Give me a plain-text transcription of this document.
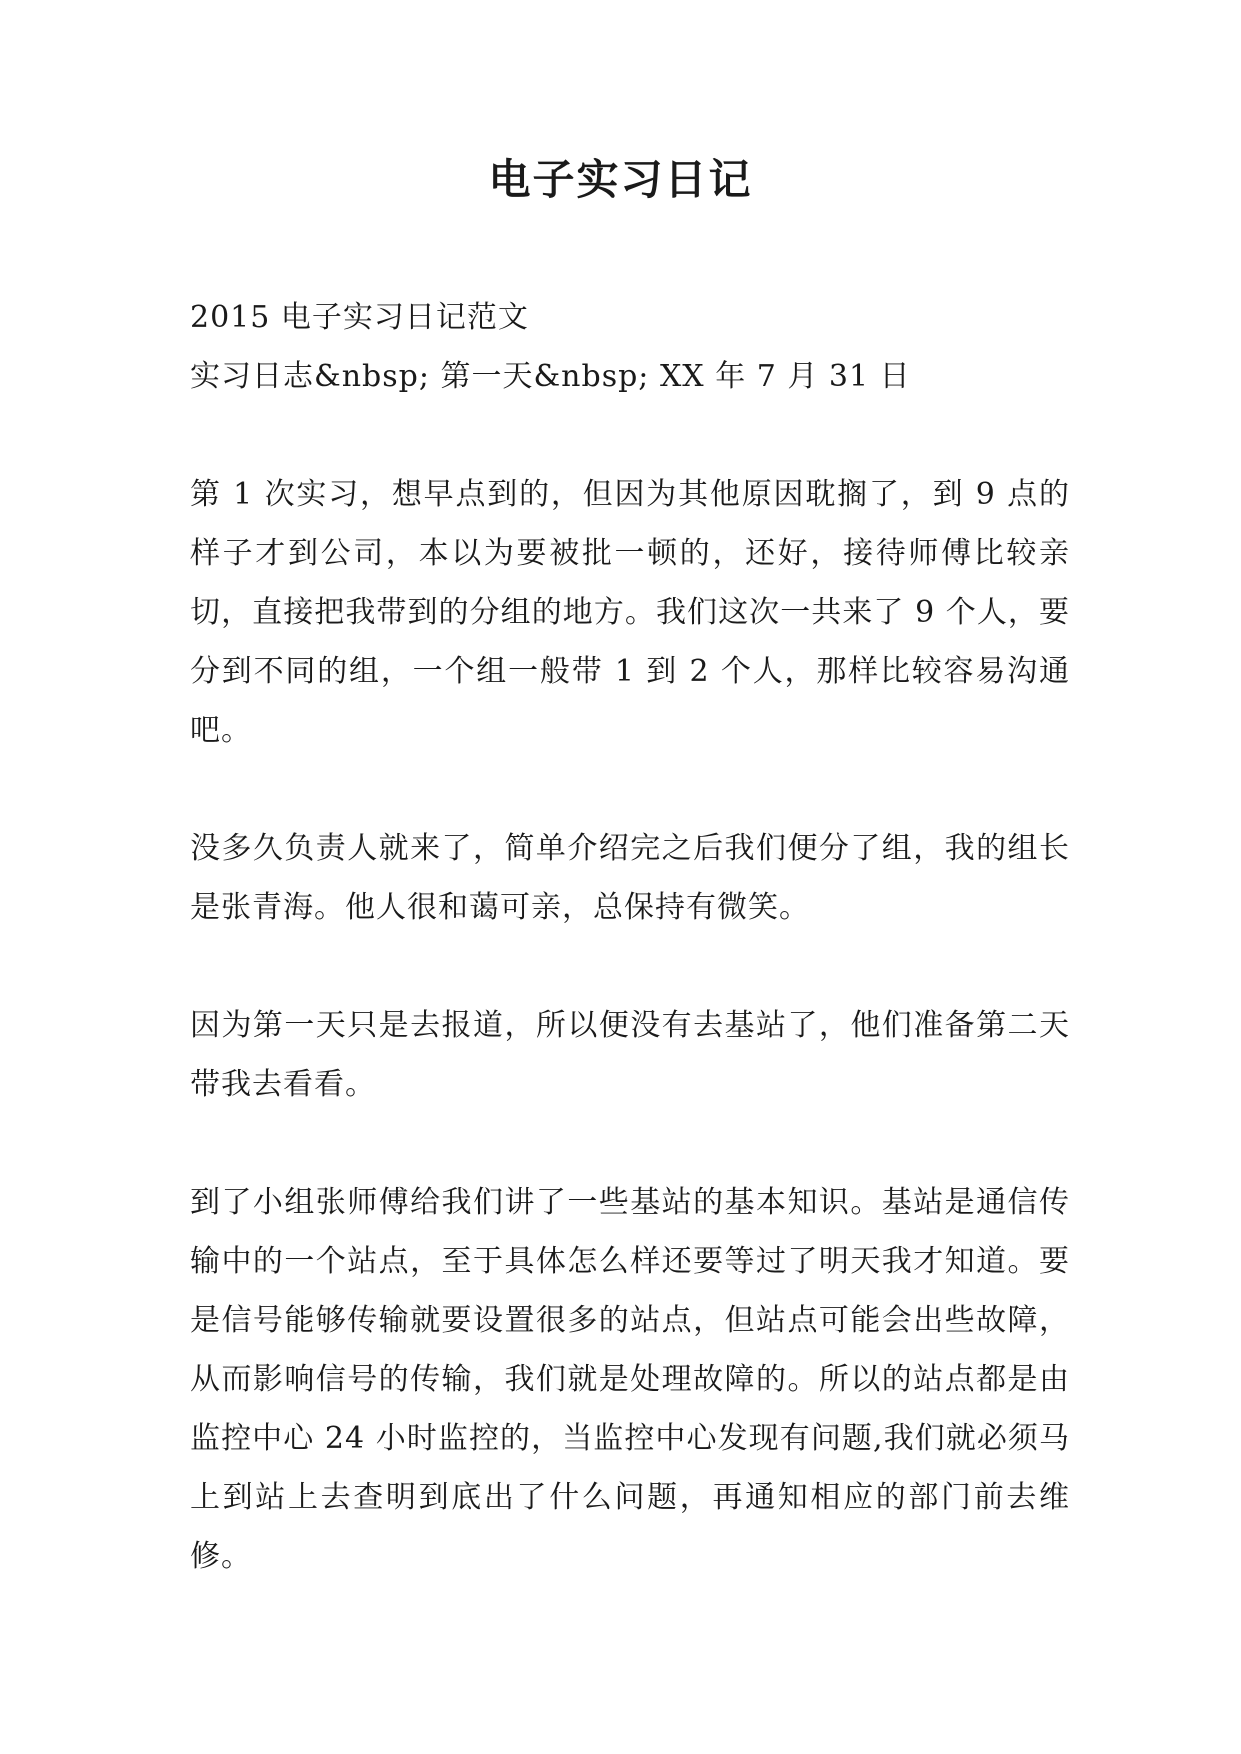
电子实习日记
2015 电子实习日记范文
实习日志&nbsp; 第一天&nbsp; XX 年 7 月 31 日

第 1 次实习，想早点到的，但因为其他原因耽搁了，到 9 点的样子才到公司，本以为要被批一顿的，还好，接待师傅比较亲切，直接把我带到的分组的地方。我们这次一共来了 9 个人，要分到不同的组，一个组一般带 1 到 2 个人，那样比较容易沟通吧。

没多久负责人就来了，简单介绍完之后我们便分了组，我的组长是张青海。他人很和蔼可亲，总保持有微笑。

因为第一天只是去报道，所以便没有去基站了，他们准备第二天带我去看看。

到了小组张师傅给我们讲了一些基站的基本知识。基站是通信传输中的一个站点，至于具体怎么样还要等过了明天我才知道。要是信号能够传输就要设置很多的站点，但站点可能会出些故障，从而影响信号的传输，我们就是处理故障的。所以的站点都是由监控中心 24 小时监控的，当监控中心发现有问题,我们就必须马上到站上去查明到底出了什么问题，再通知相应的部门前去维修。
